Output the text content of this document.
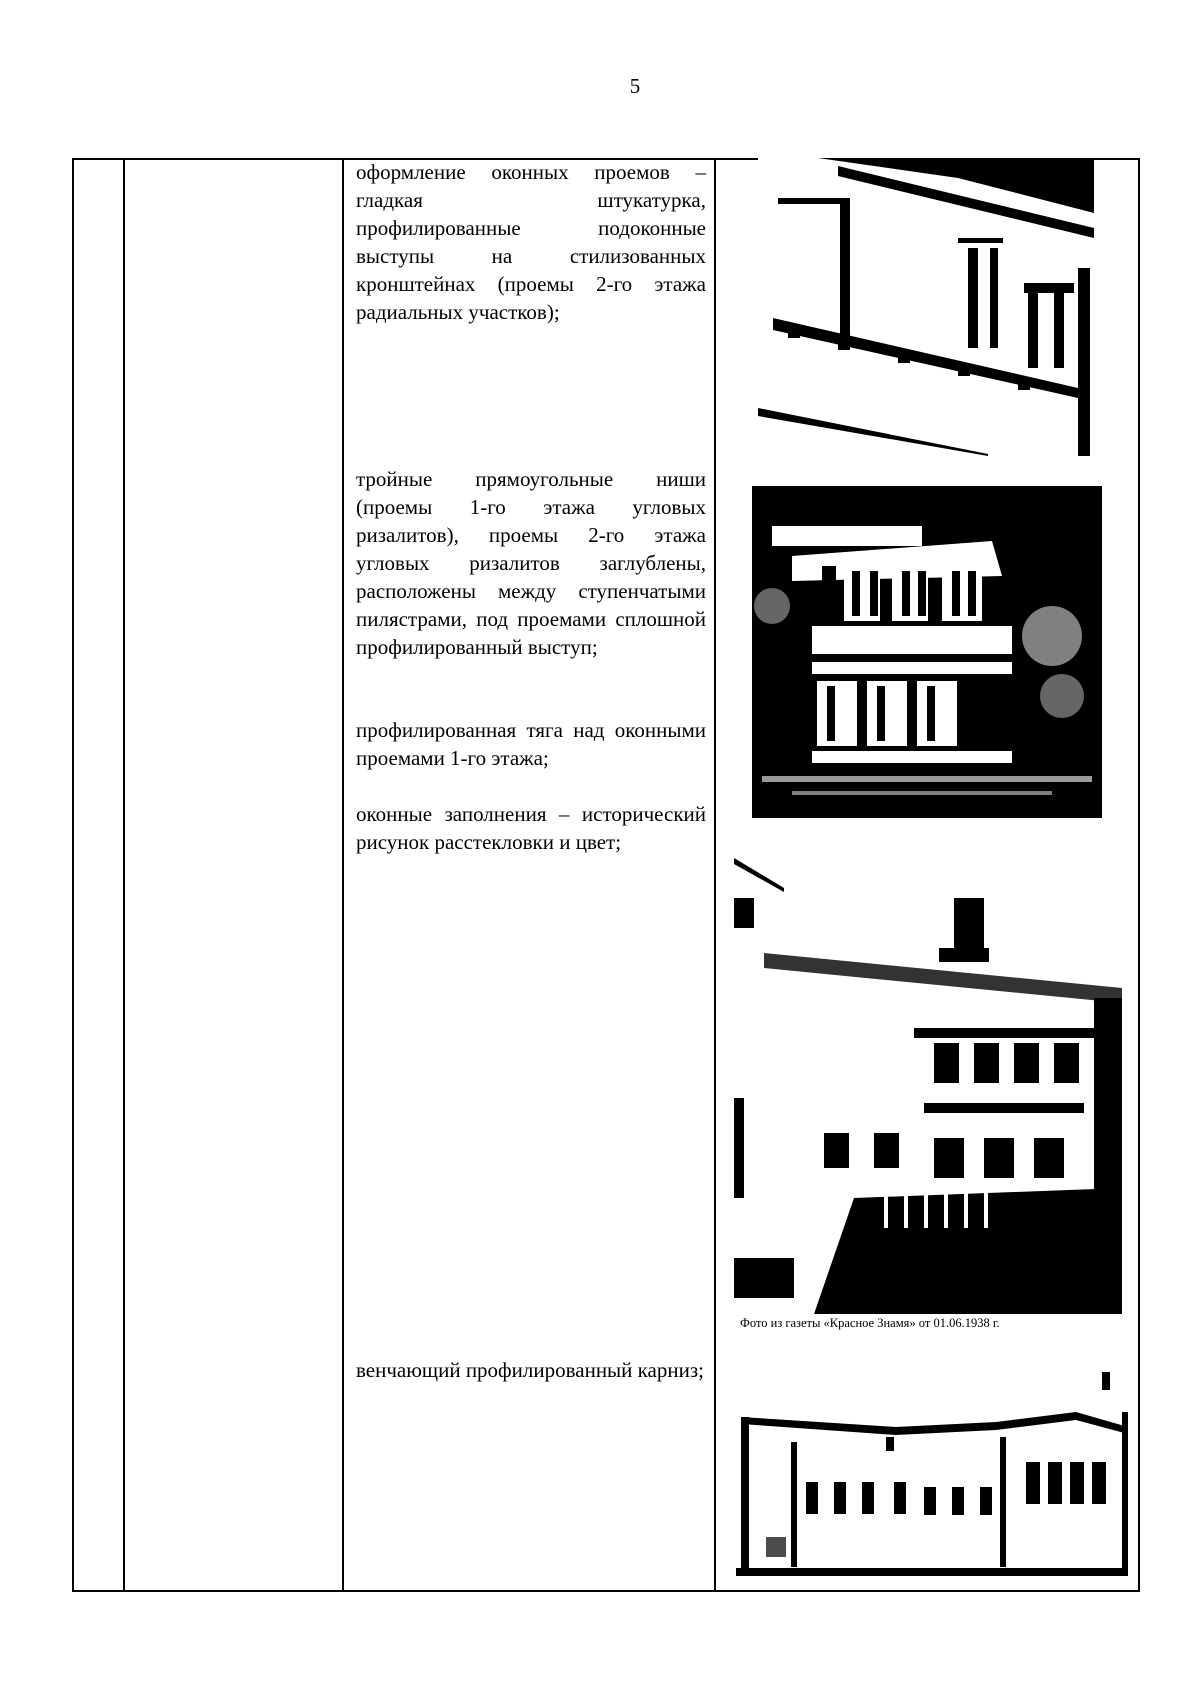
5

оформление оконных проемов – гладкая штукатурка, профилированные подоконные выступы на стилизованных кронштейнах (проемы 2-го этажа радиальных участков);

тройные прямоугольные ниши (проемы 1-го этажа угловых ризалитов), проемы 2-го этажа угловых ризалитов заглублены, расположены между ступенчатыми пилястрами, под проемами сплошной профилированный выступ;

профилированная тяга над оконными проемами 1-го этажа;

оконные заполнения – исторический рисунок расстекловки и цвет;

венчающий профилированный карниз;

Фото из газеты «Красное Знамя» от 01.06.1938 г.
